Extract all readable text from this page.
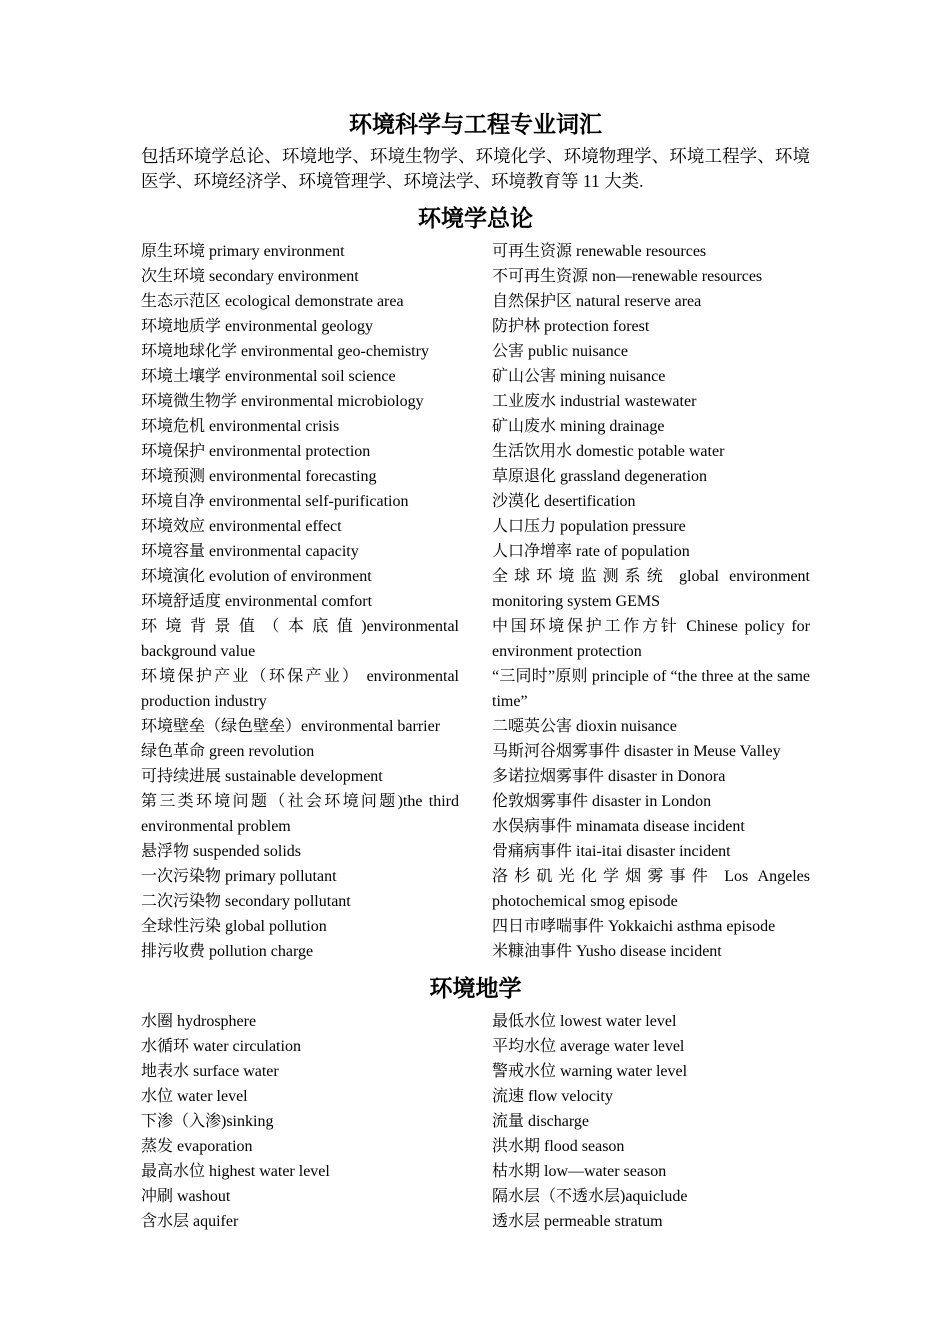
环境科学与工程专业词汇

包括环境学总论、环境地学、环境生物学、环境化学、环境物理学、环境工程学、环境医学、环境经济学、环境管理学、环境法学、环境教育等 11 大类.

环境学总论
原生环境 primary environment
次生环境 secondary environment
生态示范区 ecological demonstrate area
环境地质学 environmental geology
环境地球化学 environmental geo-chemistry
环境土壤学 environmental soil science
环境微生物学 environmental microbiology
环境危机 environmental crisis
环境保护 environmental protection
环境预测 environmental forecasting
环境自净 environmental self-purification
环境效应 environmental effect
环境容量 environmental capacity
环境演化 evolution of environment
环境舒适度 environmental comfort
环境背景值（本底值)environmental background value
环境保护产业（环保产业） environmental production industry
环境壁垒（绿色壁垒）environmental barrier
绿色革命 green revolution
可持续进展 sustainable development
第三类环境问题（社会环境问题)the third environmental problem
悬浮物 suspended solids
一次污染物 primary pollutant
二次污染物 secondary pollutant
全球性污染 global pollution
排污收费 pollution charge
可再生资源 renewable resources
不可再生资源 non—renewable resources
自然保护区 natural reserve area
防护林 protection forest
公害 public nuisance
矿山公害 mining nuisance
工业废水 industrial wastewater
矿山废水 mining drainage
生活饮用水 domestic potable water
草原退化 grassland degeneration
沙漠化 desertification
人口压力 population pressure
人口净增率 rate of population
全球环境监测系统 global environment monitoring system GEMS
中国环境保护工作方针 Chinese policy for environment protection
“三同时”原则 principle of “the three at the same time”
二噁英公害 dioxin nuisance
马斯河谷烟雾事件 disaster in Meuse Valley
多诺拉烟雾事件 disaster in Donora
伦敦烟雾事件 disaster in London
水俣病事件 minamata disease incident
骨痛病事件 itai-itai disaster incident
洛杉矶光化学烟雾事件 Los Angeles photochemical smog episode
四日市哮喘事件 Yokkaichi asthma episode
米糠油事件 Yusho disease incident
环境地学
水圈 hydrosphere
水循环 water circulation
地表水 surface water
水位 water level
下渗（入渗)sinking
蒸发 evaporation
最高水位 highest water level
冲刷 washout
含水层 aquifer
最低水位 lowest water level
平均水位 average water level
警戒水位 warning water level
流速 flow velocity
流量 discharge
洪水期 flood season
枯水期 low—water season
隔水层（不透水层)aquiclude
透水层 permeable stratum
